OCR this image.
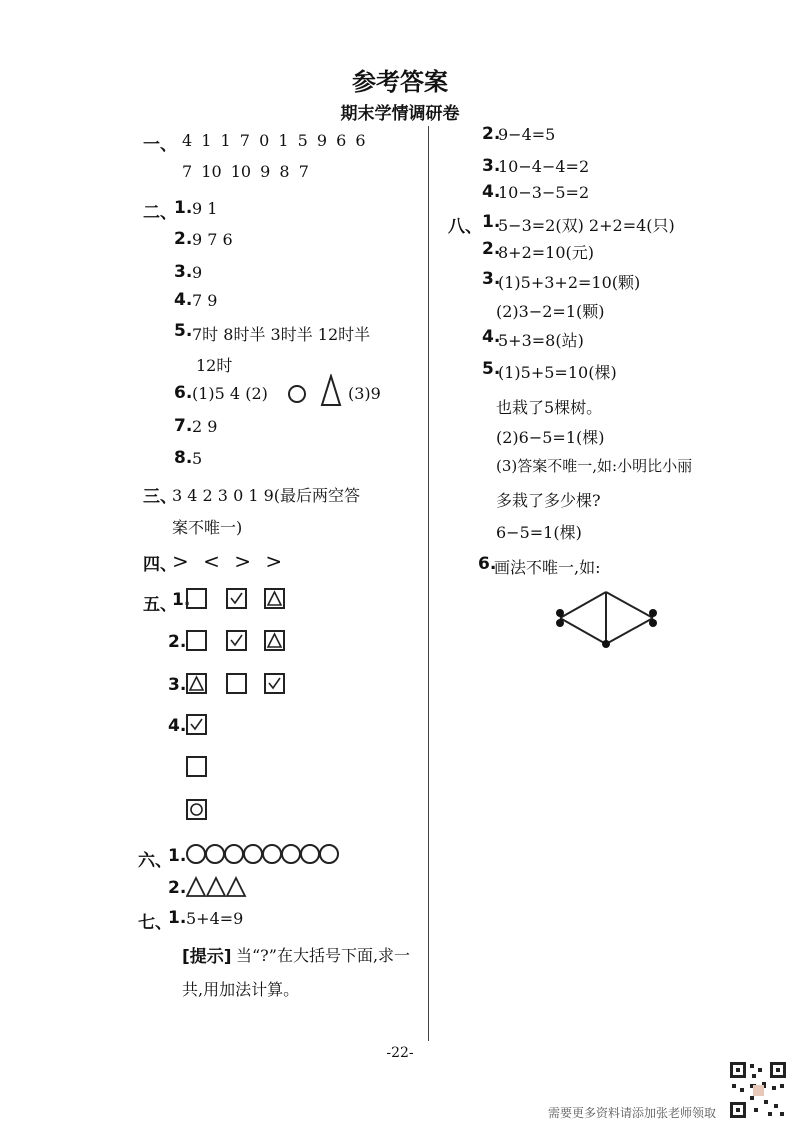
参考答案
期末学情调研卷
一、 4 1 1 7 0 1 5 9 6 6
7 10 10 9 8 7
二、
1. 9 1
2. 9 7 6
3. 9
4. 7 9
5. 7时 8时半 3时半 12时半
12时
6. (1)5 4 (2)	(3)9
7. 2 9
8. 5
三、
3 4 2 3 0 1 9(最后两空答
案不唯一)
四、
> < > >
五、
1.
2.
3.
4.
六、
1.
2.
七、
1. 5+4=9
[提示] 当“?”在大括号下面,求一
共,用加法计算。
2.
9−4=5
3.
10−4−4=2
4.
10−3−5=2
八、 1.
5−3=2(双) 2+2=4(只)
2.
8+2=10(元)
3.
(1)5+3+2=10(颗)
(2)3−2=1(颗)
4.
5+3=8(站)
5.
(1)5+5=10(棵)
也栽了5棵树。
(2)6−5=1(棵)
(3)答案不唯一,如:小明比小丽
多栽了多少棵?
6−5=1(棵)
6.
画法不唯一,如:
-22-
需要更多资料请添加张老师领取
